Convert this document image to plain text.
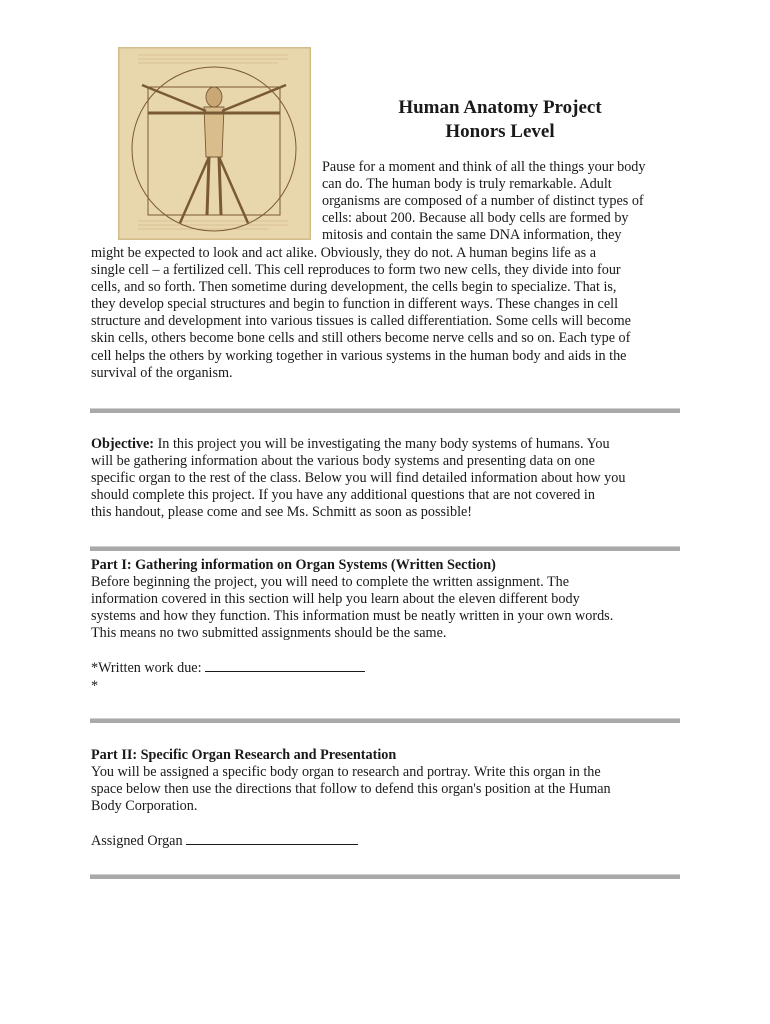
Human Anatomy Project
Honors Level
Pause for a moment and think of all the things your body
can do. The human body is truly remarkable. Adult
organisms are composed of a number of distinct types of
cells: about 200. Because all body cells are formed by
mitosis and contain the same DNA information, they
might be expected to look and act alike. Obviously, they do not. A human begins life as a
single cell – a fertilized cell. This cell reproduces to form two new cells, they divide into four
cells, and so forth. Then sometime during development, the cells begin to specialize. That is,
they develop special structures and begin to function in different ways. These changes in cell
structure and development into various tissues is called differentiation. Some cells will become
skin cells, others become bone cells and still others become nerve cells and so on. Each type of
cell helps the others by working together in various systems in the human body and aids in the
survival of the organism.
Objective: In this project you will be investigating the many body systems of humans. You
will be gathering information about the various body systems and presenting data on one
specific organ to the rest of the class. Below you will find detailed information about how you
should complete this project. If you have any additional questions that are not covered in
this handout, please come and see Ms. Schmitt as soon as possible!
Part I: Gathering information on Organ Systems (Written Section)
Before beginning the project, you will need to complete the written assignment. The
information covered in this section will help you learn about the eleven different body
systems and how they function. This information must be neatly written in your own words.
This means no two submitted assignments should be the same.
*Written work due:
*
Part II: Specific Organ Research and Presentation
You will be assigned a specific body organ to research and portray. Write this organ in the
space below then use the directions that follow to defend this organ's position at the Human
Body Corporation.
Assigned Organ
